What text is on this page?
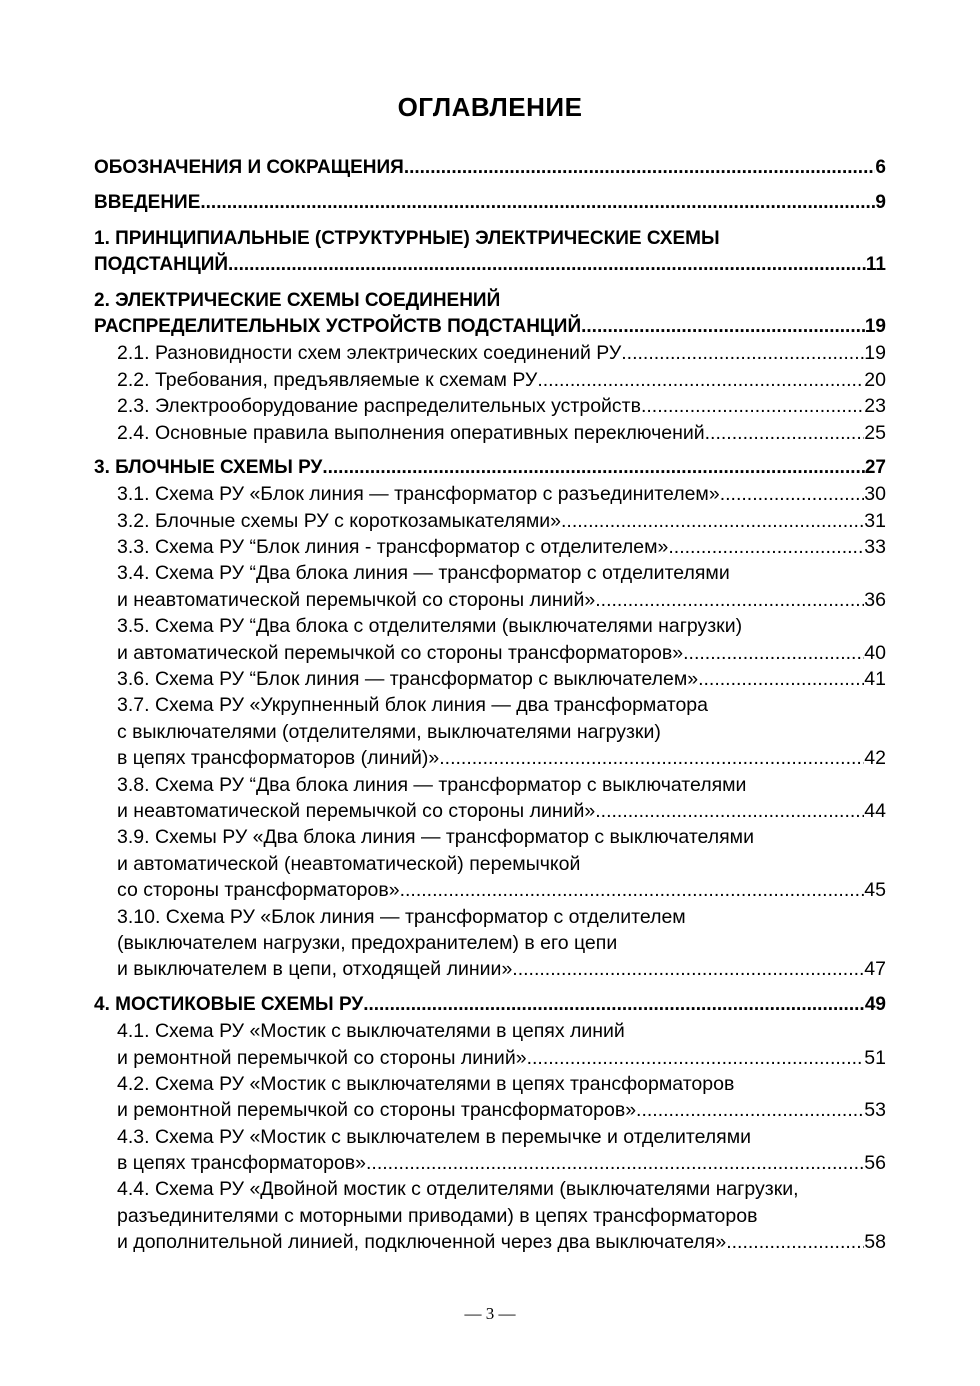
ОГЛАВЛЕНИЕ
ОБОЗНАЧЕНИЯ И СОКРАЩЕНИЯ .....	6
ВВЕДЕНИЕ .....	9
1. ПРИНЦИПИАЛЬНЫЕ (СТРУКТУРНЫЕ) ЭЛЕКТРИЧЕСКИЕ СХЕМЫ
ПОДСТАНЦИЙ .....	11
2. ЭЛЕКТРИЧЕСКИЕ СХЕМЫ СОЕДИНЕНИЙ
РАСПРЕДЕЛИТЕЛЬНЫХ УСТРОЙСТВ ПОДСТАНЦИЙ .....	19
2.1. Разновидности схем электрических соединений РУ .....	19
2.2. Требования, предъявляемые к схемам РУ .....	20
2.3. Электрооборудование распределительных устройств .....	23
2.4. Основные правила выполнения оперативных переключений .....	25
3. БЛОЧНЫЕ СХЕМЫ РУ .....	27
3.1. Схема РУ «Блок линия — трансформатор с разъединителем» .....	30
3.2. Блочные схемы РУ с короткозамыкателями» .....	31
3.3. Схема РУ “Блок линия - трансформатор с отделителем» .....	33
3.4. Схема РУ “Два блока линия — трансформатор с отделителями
и неавтоматической перемычкой со стороны линий» .....	36
3.5. Схема РУ “Два блока с отделителями (выключателями нагрузки)
и автоматической перемычкой со стороны трансформаторов» .....	40
3.6. Схема РУ “Блок линия — трансформатор с выключателем» .....	41
3.7. Схема РУ «Укрупненный блок линия — два трансформатора
с выключателями (отделителями, выключателями нагрузки)
в цепях трансформаторов (линий)» .....	42
3.8. Схема РУ “Два блока линия — трансформатор с выключателями
и неавтоматической перемычкой со стороны линий» .....	44
3.9. Схемы РУ «Два блока линия — трансформатор с выключателями
и автоматической (неавтоматической) перемычкой
со стороны трансформаторов» .....	45
3.10. Схема РУ «Блок линия — трансформатор с отделителем
(выключателем нагрузки, предохранителем) в его цепи
и выключателем в цепи, отходящей линии» .....	47
4. МОСТИКОВЫЕ СХЕМЫ РУ .....	49
4.1. Схема РУ «Мостик с выключателями в цепях линий
и ремонтной перемычкой со стороны линий» .....	51
4.2. Схема РУ «Мостик с выключателями в цепях трансформаторов
и ремонтной перемычкой со стороны трансформаторов» .....	53
4.3. Схема РУ «Мостик с выключателем в перемычке и отделителями
в цепях трансформаторов» .....	56
4.4. Схема РУ «Двойной мостик с отделителями (выключателями нагрузки,
разъединителями с моторными приводами) в цепях трансформаторов
и дополнительной линией, подключенной через два выключателя» .....	58
— 3 —
